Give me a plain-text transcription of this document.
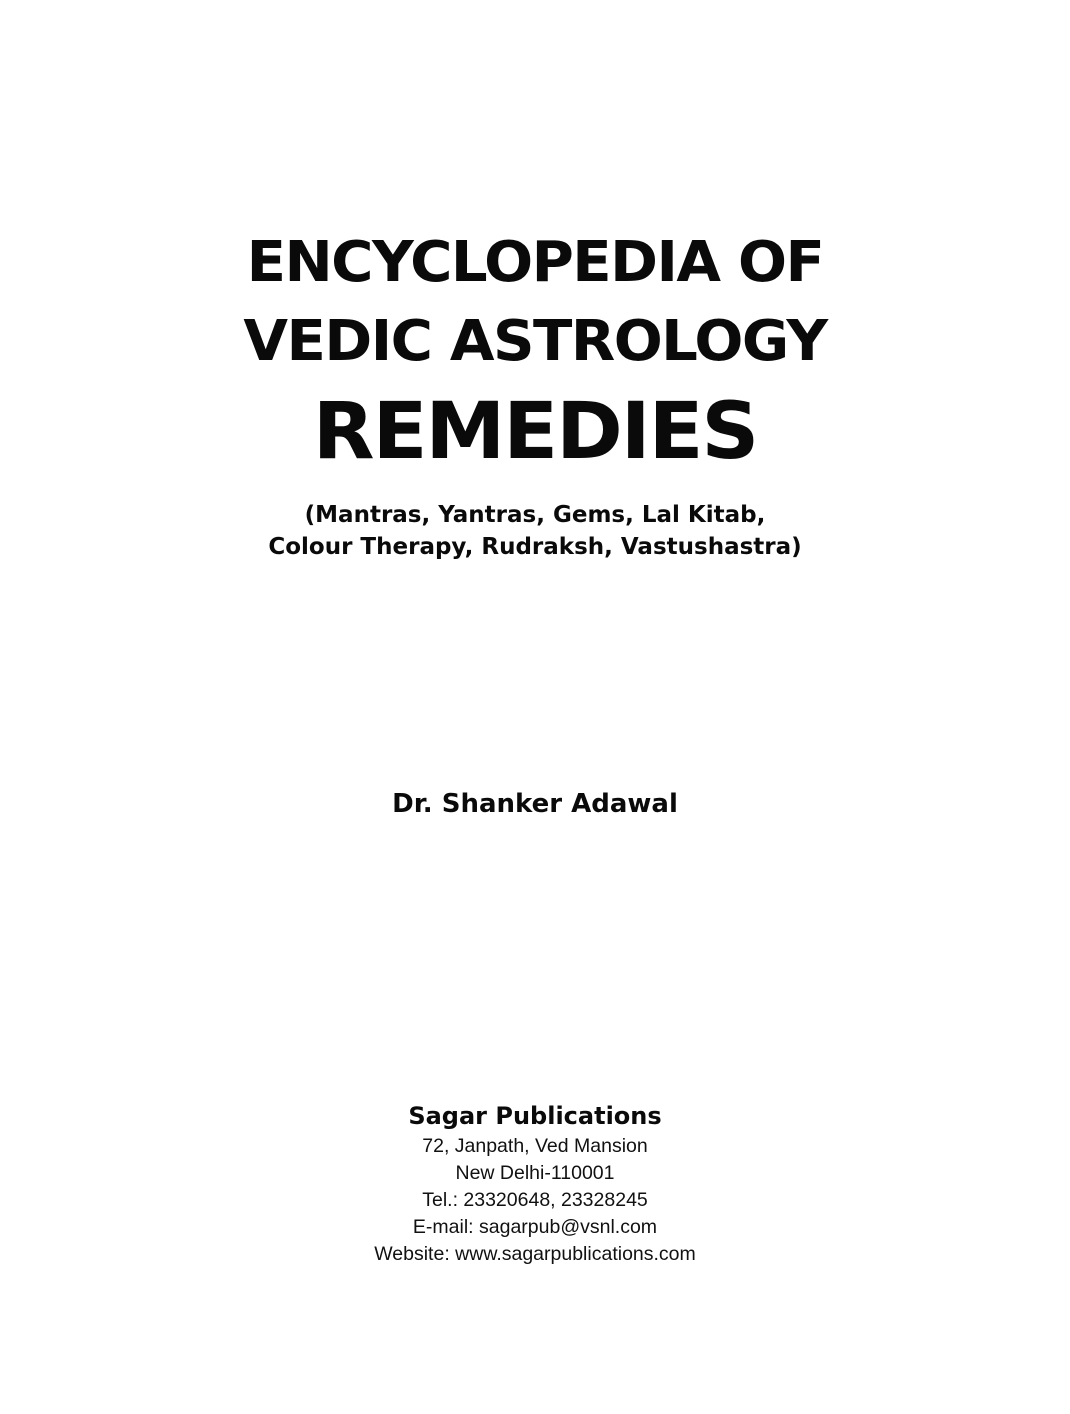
ENCYCLOPEDIA OF
VEDIC ASTROLOGY
REMEDIES
(Mantras, Yantras, Gems, Lal Kitab,
Colour Therapy, Rudraksh, Vastushastra)
Dr. Shanker Adawal
Sagar Publications
72, Janpath, Ved Mansion
New Delhi-110001
Tel.: 23320648, 23328245
E-mail: sagarpub@vsnl.com
Website: www.sagarpublications.com
